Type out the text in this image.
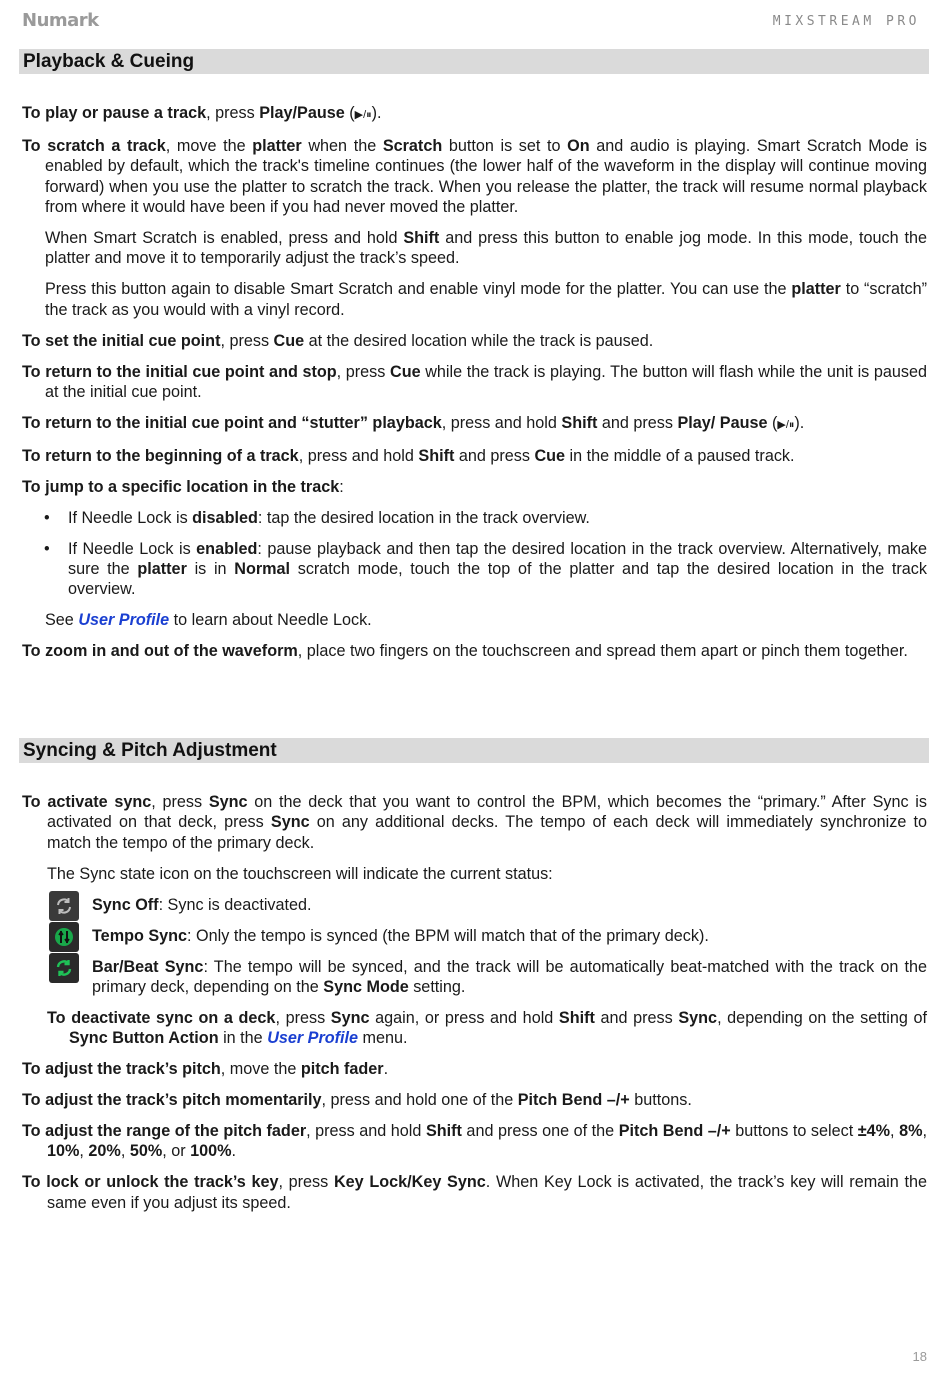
Numark	MIXSTREAM PRO
Playback & Cueing

To play or pause a track, press Play/Pause (▶/⏸).

To scratch a track, move the platter when the Scratch button is set to On and audio is playing. Smart Scratch Mode is enabled by default, which the track's timeline continues (the lower half of the waveform in the display will continue moving forward) when you use the platter to scratch the track. When you release the platter, the track will resume normal playback from where it would have been if you had never moved the platter.

When Smart Scratch is enabled, press and hold Shift and press this button to enable jog mode. In this mode, touch the platter and move it to temporarily adjust the track’s speed.

Press this button again to disable Smart Scratch and enable vinyl mode for the platter. You can use the platter to “scratch” the track as you would with a vinyl record.

To set the initial cue point, press Cue at the desired location while the track is paused.

To return to the initial cue point and stop, press Cue while the track is playing. The button will flash while the unit is paused at the initial cue point.

To return to the initial cue point and “stutter” playback, press and hold Shift and press Play/ Pause (▶/⏸).

To return to the beginning of a track, press and hold Shift and press Cue in the middle of a paused track.

To jump to a specific location in the track:

• If Needle Lock is disabled: tap the desired location in the track overview.

• If Needle Lock is enabled: pause playback and then tap the desired location in the track overview. Alternatively, make sure the platter is in Normal scratch mode, touch the top of the platter and tap the desired location in the track overview.

See User Profile to learn about Needle Lock.

To zoom in and out of the waveform, place two fingers on the touchscreen and spread them apart or pinch them together.

Syncing & Pitch Adjustment

To activate sync, press Sync on the deck that you want to control the BPM, which becomes the “primary.” After Sync is activated on that deck, press Sync on any additional decks. The tempo of each deck will immediately synchronize to match the tempo of the primary deck.

The Sync state icon on the touchscreen will indicate the current status:

Sync Off: Sync is deactivated.
Tempo Sync: Only the tempo is synced (the BPM will match that of the primary deck).
Bar/Beat Sync: The tempo will be synced, and the track will be automatically beat-matched with the track on the primary deck, depending on the Sync Mode setting.

To deactivate sync on a deck, press Sync again, or press and hold Shift and press Sync, depending on the setting of Sync Button Action in the User Profile menu.

To adjust the track’s pitch, move the pitch fader.

To adjust the track’s pitch momentarily, press and hold one of the Pitch Bend –/+ buttons.

To adjust the range of the pitch fader, press and hold Shift and press one of the Pitch Bend –/+ buttons to select ±4%, 8%, 10%, 20%, 50%, or 100%.

To lock or unlock the track’s key, press Key Lock/Key Sync. When Key Lock is activated, the track’s key will remain the same even if you adjust its speed.

18
